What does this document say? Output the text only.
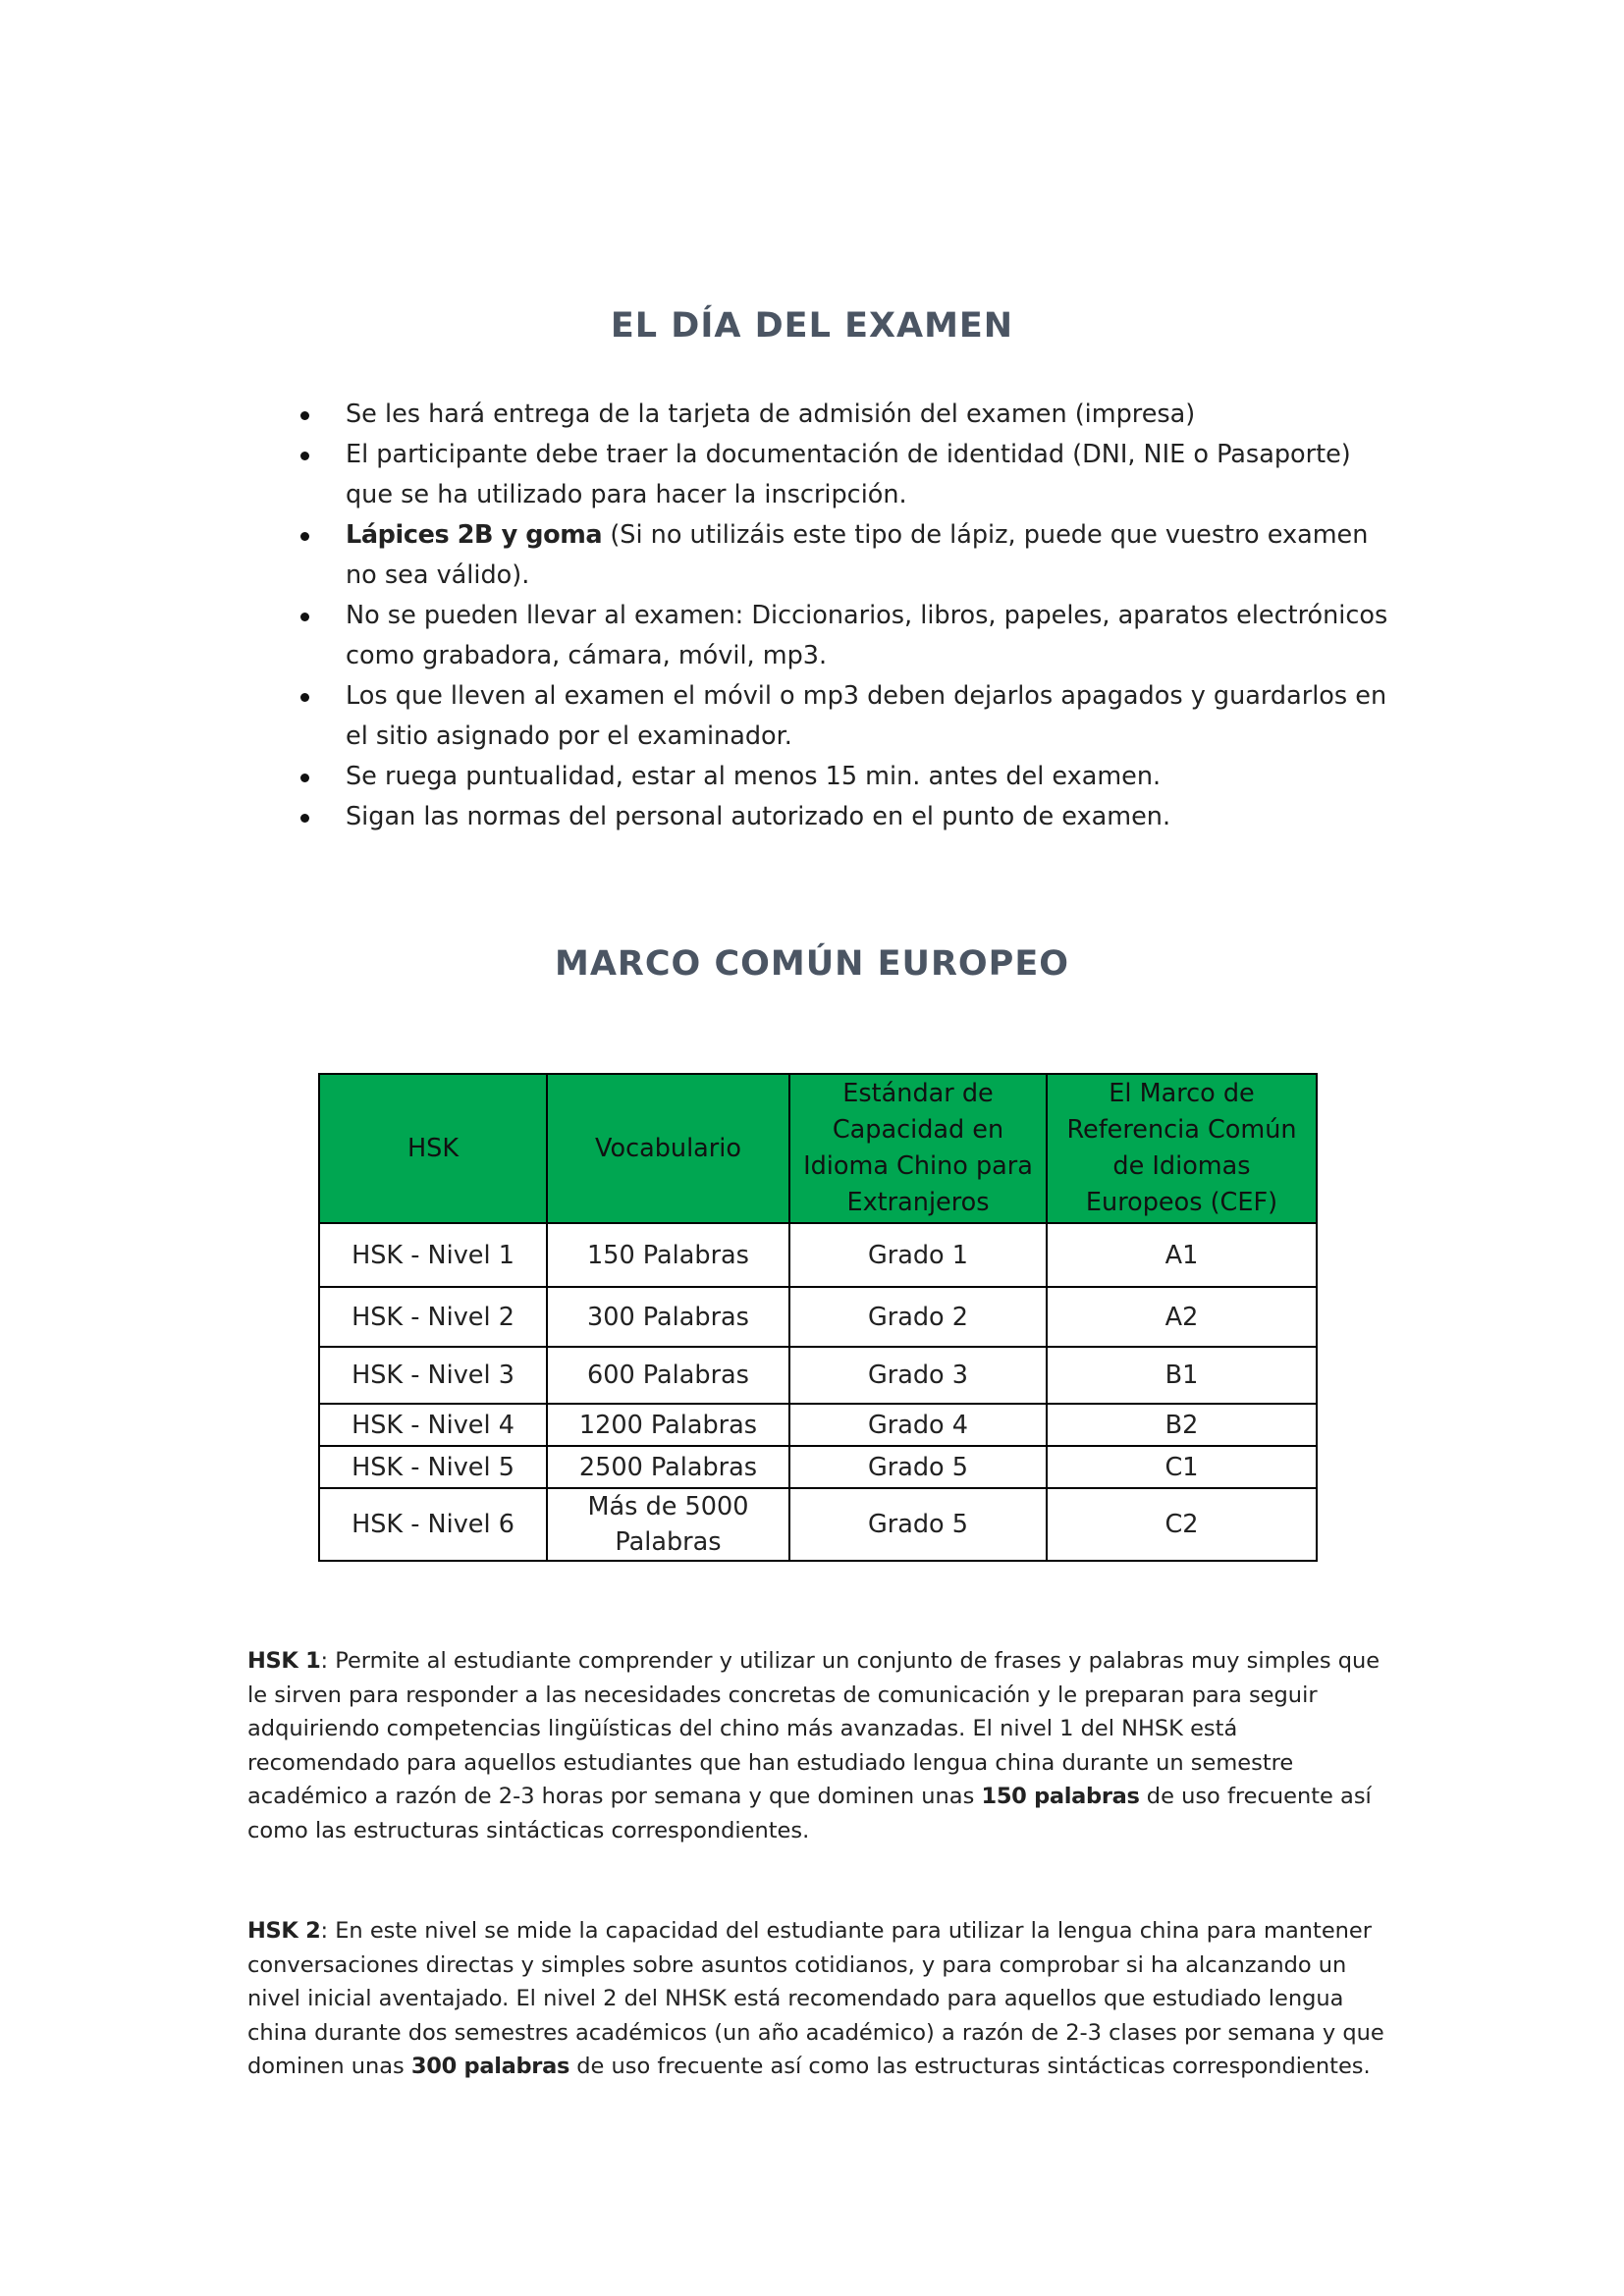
EL DÍA DEL EXAMEN
Se les hará entrega de la tarjeta de admisión del examen (impresa)
El participante debe traer la documentación de identidad (DNI, NIE o Pasaporte) que se ha utilizado para hacer la inscripción.
Lápices 2B y goma (Si no utilizáis este tipo de lápiz, puede que vuestro examen no sea válido).
No se pueden llevar al examen: Diccionarios, libros, papeles, aparatos electrónicos como grabadora, cámara, móvil, mp3.
Los que lleven al examen el móvil o mp3 deben dejarlos apagados y guardarlos en el sitio asignado por el examinador.
Se ruega puntualidad, estar al menos 15 min. antes del examen.
Sigan las normas del personal autorizado en el punto de examen.
MARCO COMÚN EUROPEO
HSK	Vocabulario	Estándar de Capacidad en Idioma Chino para Extranjeros	El Marco de Referencia Común de Idiomas Europeos (CEF)
HSK - Nivel 1	150 Palabras	Grado 1	A1
HSK - Nivel 2	300 Palabras	Grado 2	A2
HSK - Nivel 3	600 Palabras	Grado 3	B1
HSK - Nivel 4	1200 Palabras	Grado 4	B2
HSK - Nivel 5	2500 Palabras	Grado 5	C1
HSK - Nivel 6	Más de 5000 Palabras	Grado 5	C2

HSK 1: Permite al estudiante comprender y utilizar un conjunto de frases y palabras muy simples que le sirven para responder a las necesidades concretas de comunicación y le preparan para seguir adquiriendo competencias lingüísticas del chino más avanzadas. El nivel 1 del NHSK está recomendado para aquellos estudiantes que han estudiado lengua china durante un semestre académico a razón de 2-3 horas por semana y que dominen unas 150 palabras de uso frecuente así como las estructuras sintácticas correspondientes.

HSK 2: En este nivel se mide la capacidad del estudiante para utilizar la lengua china para mantener conversaciones directas y simples sobre asuntos cotidianos, y para comprobar si ha alcanzando un nivel inicial aventajado. El nivel 2 del NHSK está recomendado para aquellos que estudiado lengua china durante dos semestres académicos (un año académico) a razón de 2-3 clases por semana y que dominen unas 300 palabras de uso frecuente así como las estructuras sintácticas correspondientes.
